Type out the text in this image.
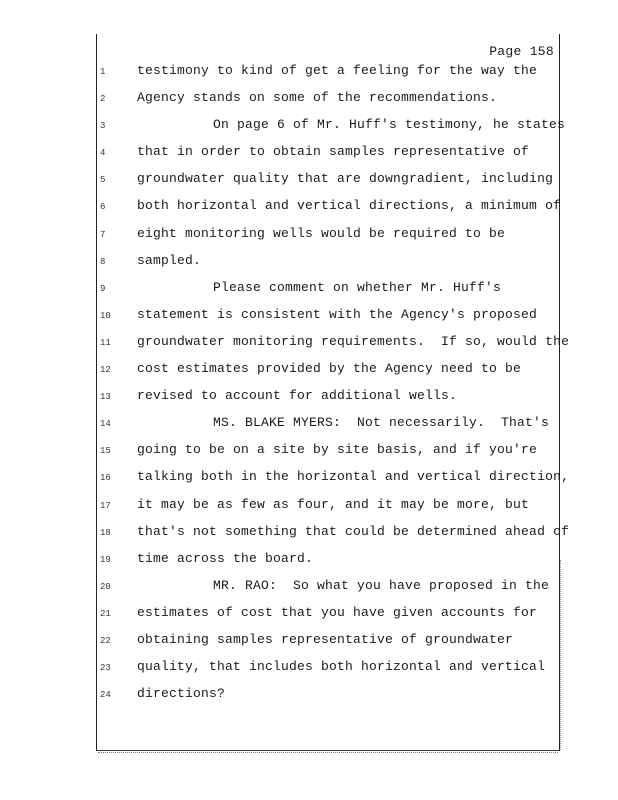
Page 158
1
2
3
4
5
6
7
8
9
10
11
12
13
14
15
16
17
18
19
20
21
22
23
24
testimony to kind of get a feeling for the way the
Agency stands on some of the recommendations.
On page 6 of Mr. Huff's testimony, he states
that in order to obtain samples representative of
groundwater quality that are downgradient, including
both horizontal and vertical directions, a minimum of
eight monitoring wells would be required to be
sampled.
Please comment on whether Mr. Huff's
statement is consistent with the Agency's proposed
groundwater monitoring requirements.  If so, would the
cost estimates provided by the Agency need to be
revised to account for additional wells.
MS. BLAKE MYERS:  Not necessarily.  That's
going to be on a site by site basis, and if you're
talking both in the horizontal and vertical direction,
it may be as few as four, and it may be more, but
that's not something that could be determined ahead of
time across the board.
MR. RAO:  So what you have proposed in the
estimates of cost that you have given accounts for
obtaining samples representative of groundwater
quality, that includes both horizontal and vertical
directions?
